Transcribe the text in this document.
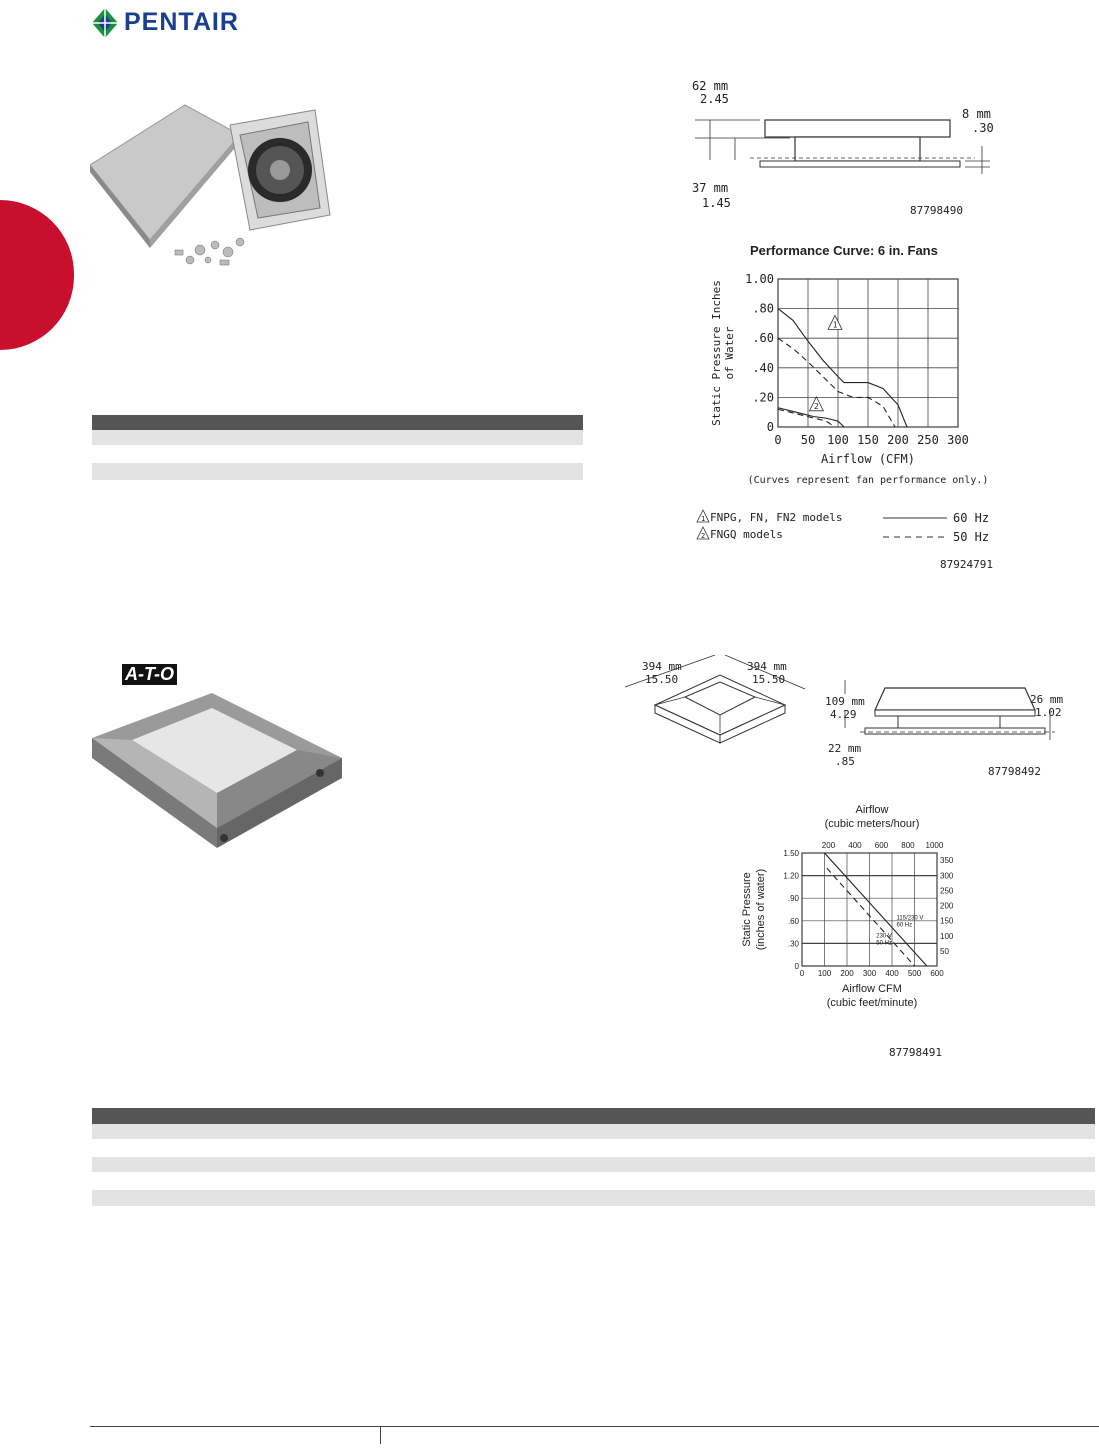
PENTAIR
62 mm
2.45
8 mm
.30
37 mm
1.45
87798490
Performance Curve: 6 in. Fans
0 50 100 150 200 250 300
0
.20
.40
.60
.80
1.00
Airflow (CFM)
(Curves represent fan performance only.)
Static Pressure Inches of Water
1
2
1 FNPG, FN, FN2 models
2 FNGQ models
60 Hz
50 Hz
87924791
A-T-O	394 mm
15.50
394 mm
15.50
109 mm
4.29
26 mm
1.02
22 mm
.85
87798492
Airflow
(cubic meters/hour)
0 100 200 300 400 500 600
0
.30
.60
.90
1.20
1.50
200 400 600 800 1000
50
100
150
200
250
300
350
Airflow CFM
(cubic feet/minute)
Static Pressure (inches of water)	115/230 V
60 Hz
230 V
50 Hz
87798491
